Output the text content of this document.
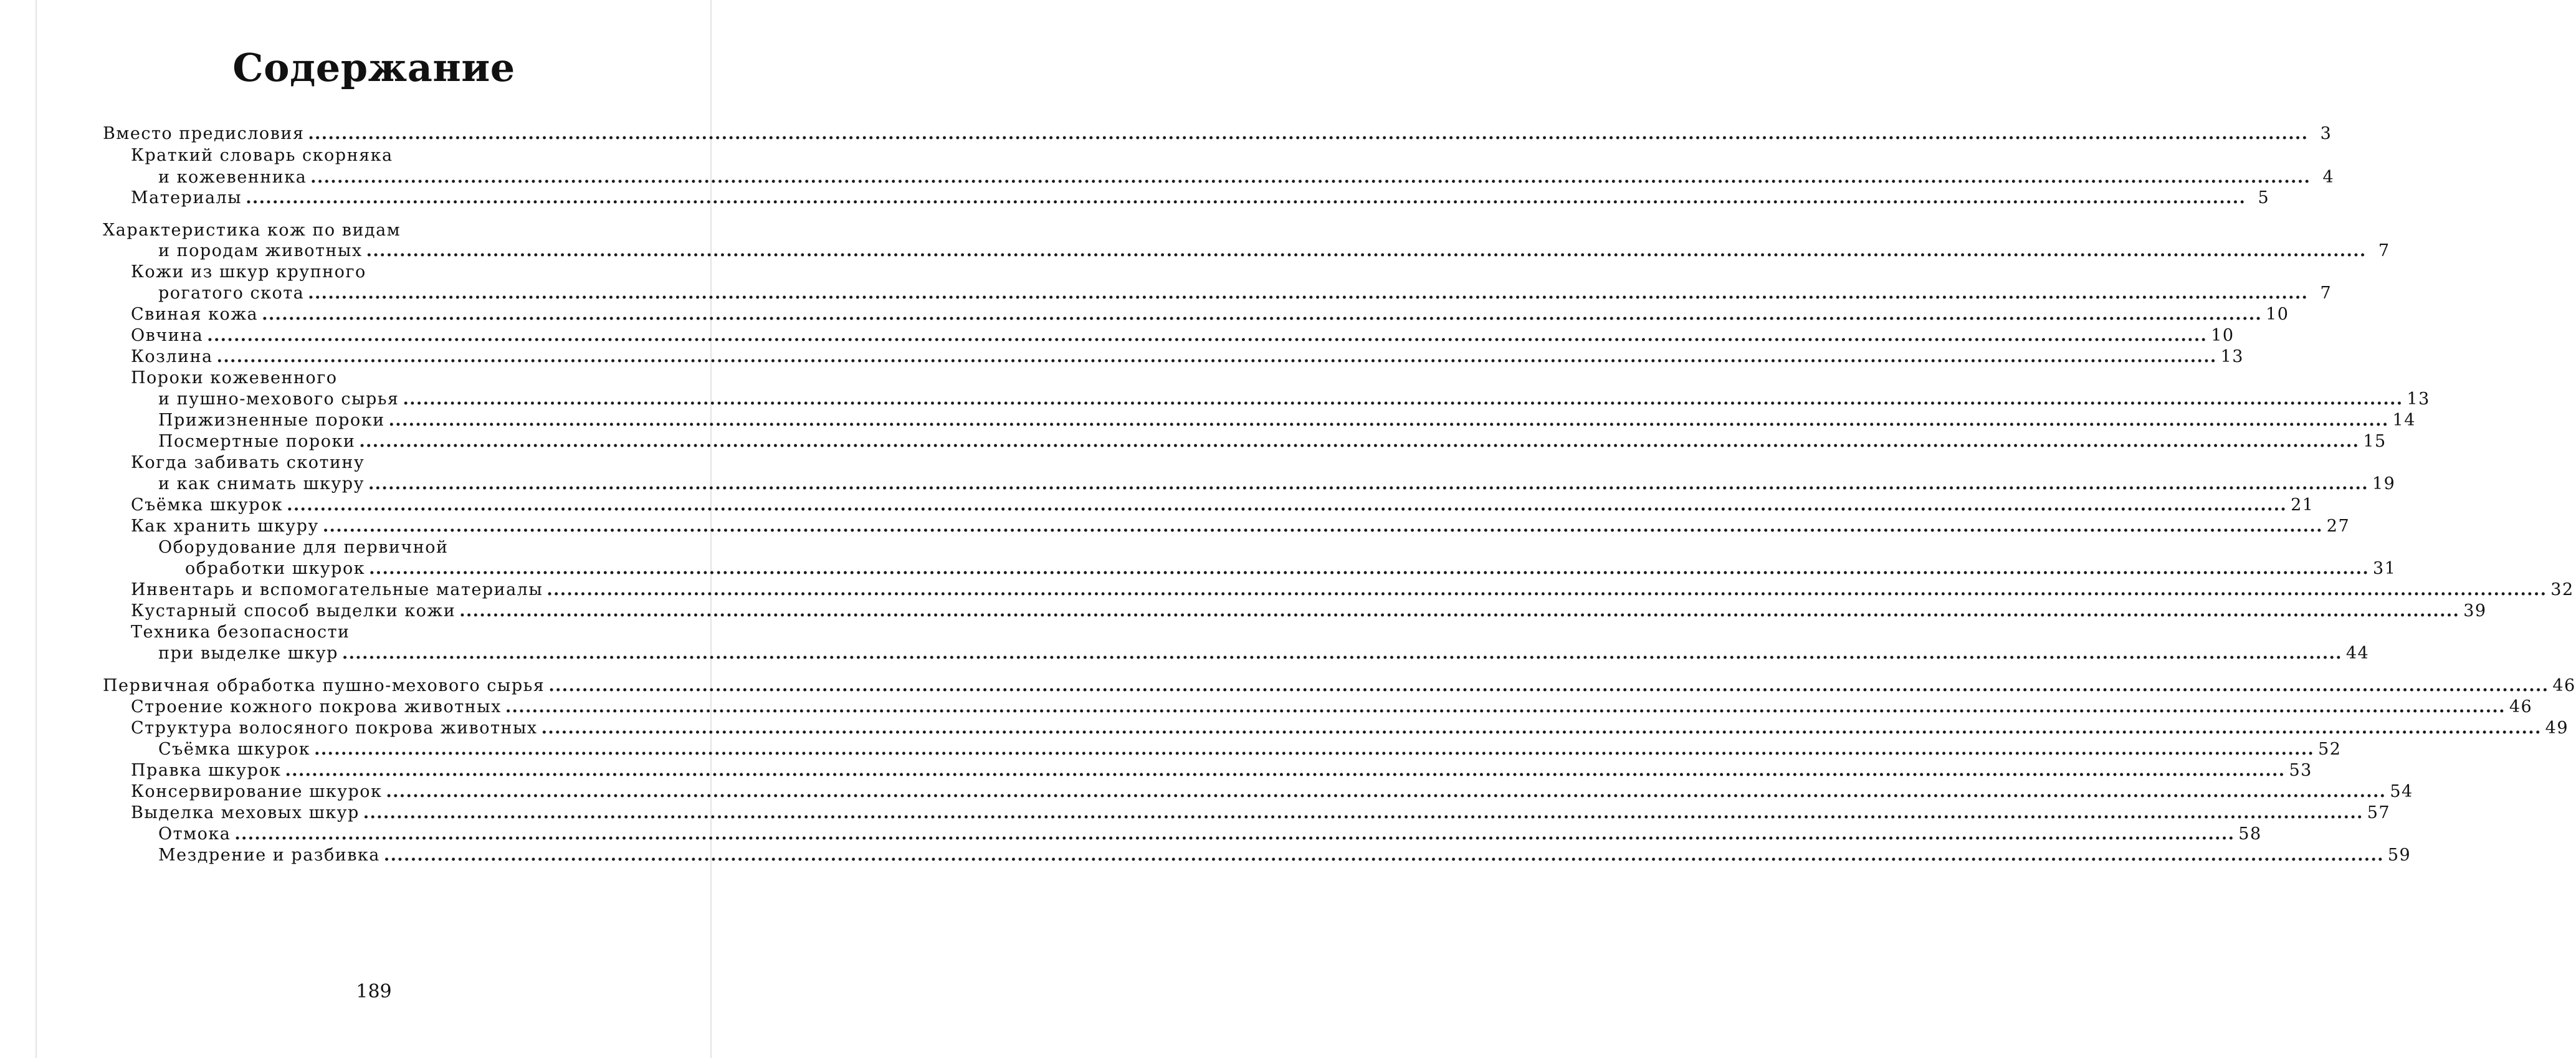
Содержание
Вместо предисловия ............................................................................................................................................................................................................................................................................................................ 3
Краткий словарь скорняка
и кожевенника ............................................................................................................................................................................................................................................................................................................ 4
Материалы ............................................................................................................................................................................................................................................................................................................ 5
Характеристика кож по видам
и породам животных ............................................................................................................................................................................................................................................................................................................ 7
Кожи из шкур крупного
рогатого скота ............................................................................................................................................................................................................................................................................................................ 7
Свиная кожа ............................................................................................................................................................................................................................................................................................................ 10
Овчина ............................................................................................................................................................................................................................................................................................................ 10
Козлина ............................................................................................................................................................................................................................................................................................................ 13
Пороки кожевенного
и пушно-мехового сырья ............................................................................................................................................................................................................................................................................................................ 13
Прижизненные пороки ............................................................................................................................................................................................................................................................................................................ 14
Посмертные пороки ............................................................................................................................................................................................................................................................................................................ 15
Когда забивать скотину
и как снимать шкуру ............................................................................................................................................................................................................................................................................................................ 19
Съёмка шкурок ............................................................................................................................................................................................................................................................................................................ 21
Как хранить шкуру ............................................................................................................................................................................................................................................................................................................ 27
Оборудование для первичной
обработки шкурок ............................................................................................................................................................................................................................................................................................................ 31
Инвентарь и вспомогательные материалы ............................................................................................................................................................................................................................................................................................................ 32
Кустарный способ выделки кожи ............................................................................................................................................................................................................................................................................................................ 39
Техника безопасности
при выделке шкур ............................................................................................................................................................................................................................................................................................................ 44
Первичная обработка пушно-мехового сырья ............................................................................................................................................................................................................................................................................................................ 46
Строение кожного покрова животных ............................................................................................................................................................................................................................................................................................................ 46
Структура волосяного покрова животных ............................................................................................................................................................................................................................................................................................................ 49
Съёмка шкурок ............................................................................................................................................................................................................................................................................................................ 52
Правка шкурок ............................................................................................................................................................................................................................................................................................................ 53
Консервирование шкурок ............................................................................................................................................................................................................................................................................................................ 54
Выделка меховых шкур ............................................................................................................................................................................................................................................................................................................ 57
Отмока ............................................................................................................................................................................................................................................................................................................ 58
Мездрение и разбивка ............................................................................................................................................................................................................................................................................................................ 59
189
